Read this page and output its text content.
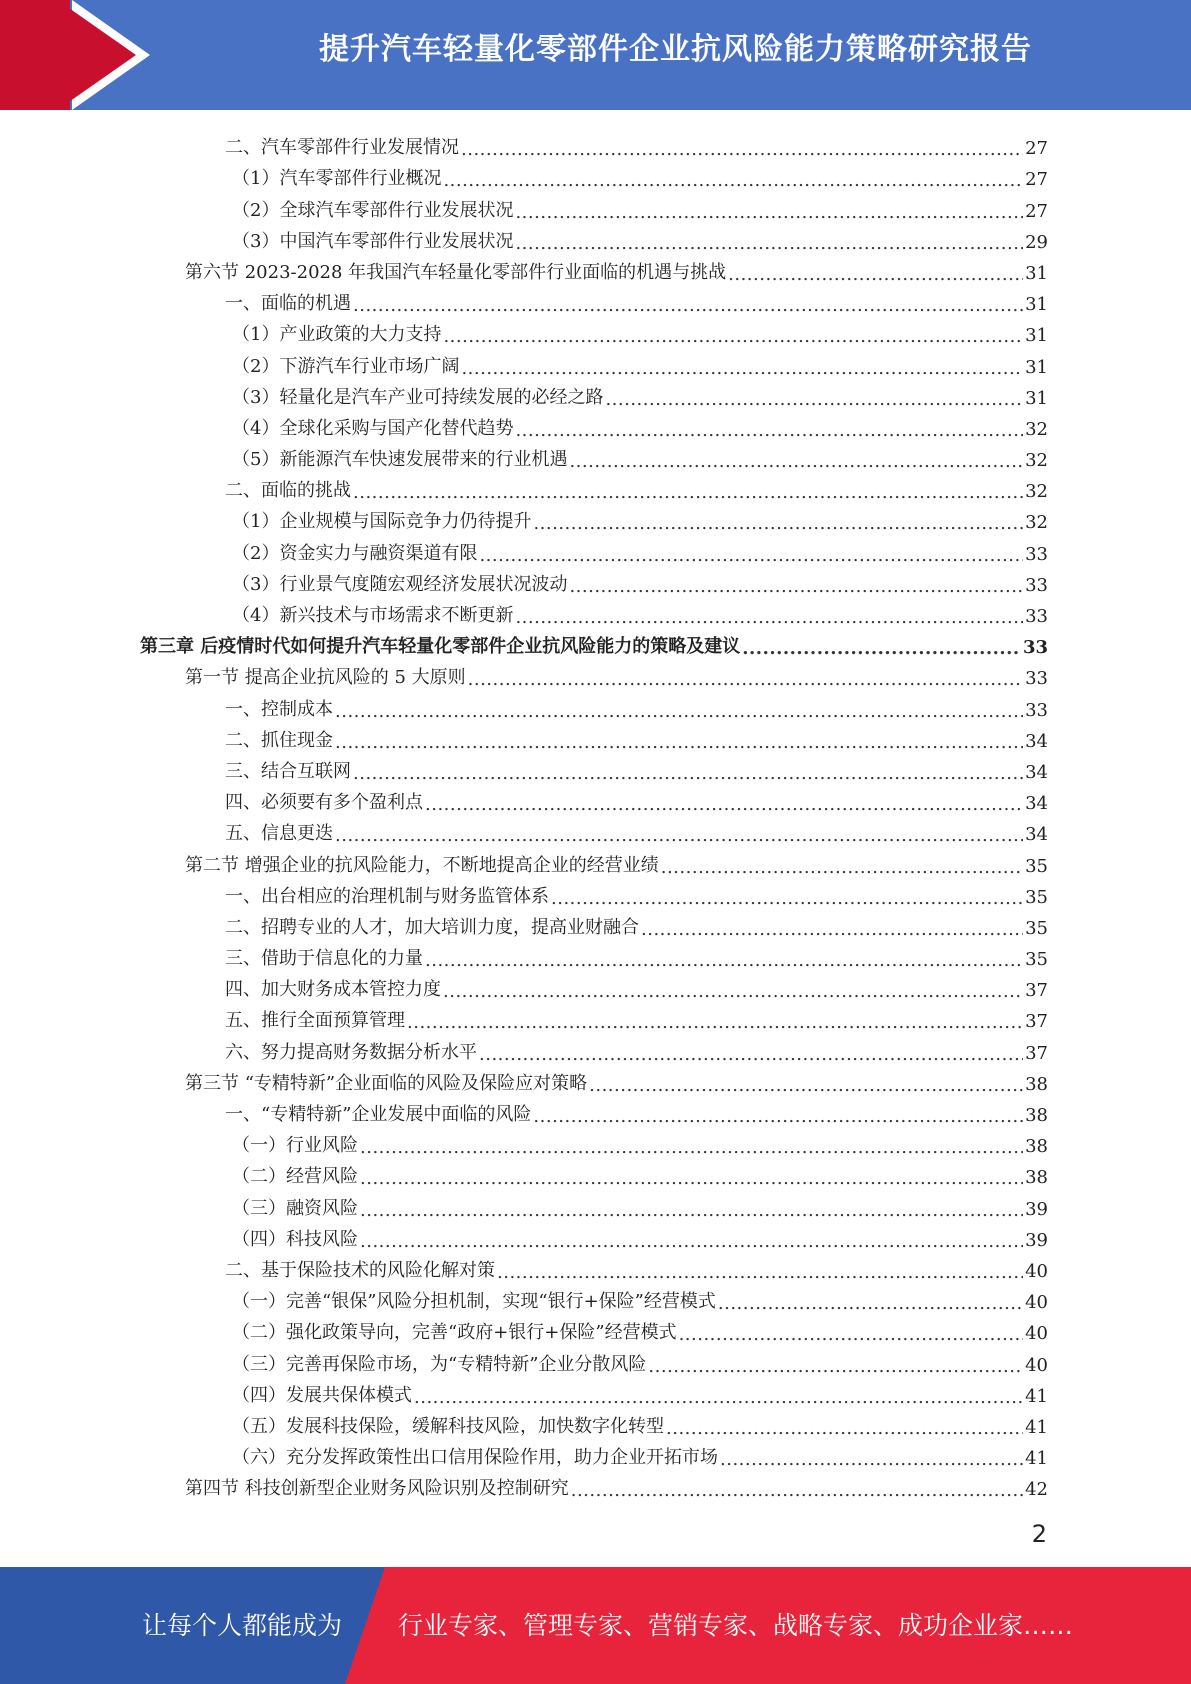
提升汽车轻量化零部件企业抗风险能力策略研究报告
二、汽车零部件行业发展情况 .....	27
（1）汽车零部件行业概况 .....	27
（2）全球汽车零部件行业发展状况 .....	27
（3）中国汽车零部件行业发展状况 .....	29
第六节 2023-2028 年我国汽车轻量化零部件行业面临的机遇与挑战 .....	31
一、面临的机遇 .....	31
（1）产业政策的大力支持 .....	31
（2）下游汽车行业市场广阔 .....	31
（3）轻量化是汽车产业可持续发展的必经之路 .....	31
（4）全球化采购与国产化替代趋势 .....	32
（5）新能源汽车快速发展带来的行业机遇 .....	32
二、面临的挑战 .....	32
（1）企业规模与国际竞争力仍待提升 .....	32
（2）资金实力与融资渠道有限 .....	33
（3）行业景气度随宏观经济发展状况波动 .....	33
（4）新兴技术与市场需求不断更新 .....	33
第三章 后疫情时代如何提升汽车轻量化零部件企业抗风险能力的策略及建议 .....	33
第一节 提高企业抗风险的 5 大原则 .....	33
一、控制成本 .....	33
二、抓住现金 .....	34
三、结合互联网 .....	34
四、必须要有多个盈利点 .....	34
五、信息更迭 .....	34
第二节 增强企业的抗风险能力，不断地提高企业的经营业绩 .....	35
一、出台相应的治理机制与财务监管体系 .....	35
二、招聘专业的人才，加大培训力度，提高业财融合 .....	35
三、借助于信息化的力量 .....	35
四、加大财务成本管控力度 .....	37
五、推行全面预算管理 .....	37
六、努力提高财务数据分析水平 .....	37
第三节 “专精特新”企业面临的风险及保险应对策略 .....	38
一、“专精特新”企业发展中面临的风险 .....	38
（一）行业风险 .....	38
（二）经营风险 .....	38
（三）融资风险 .....	39
（四）科技风险 .....	39
二、基于保险技术的风险化解对策 .....	40
（一）完善“银保”风险分担机制，实现“银行+保险”经营模式 .....	40
（二）强化政策导向，完善“政府+银行+保险”经营模式 .....	40
（三）完善再保险市场，为“专精特新”企业分散风险 .....	40
（四）发展共保体模式 .....	41
（五）发展科技保险，缓解科技风险，加快数字化转型 .....	41
（六）充分发挥政策性出口信用保险作用，助力企业开拓市场 .....	41
第四节 科技创新型企业财务风险识别及控制研究 .....	42
2
让每个人都能成为 行业专家、管理专家、营销专家、战略专家、成功企业家……
